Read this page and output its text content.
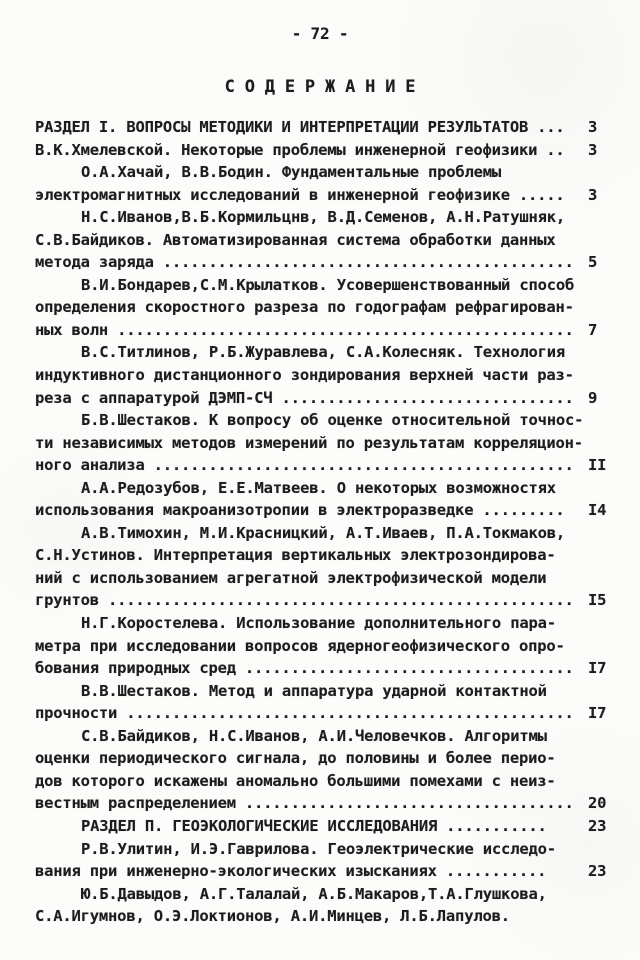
- 72 -
С О Д Е Р Ж А Н И Е
РАЗДЕЛ I. ВОПРОСЫ МЕТОДИКИ И ИНТЕРПРЕТАЦИИ РЕЗУЛЬТАТОВ ... 3
В.К.Хмелевской. Некоторые проблемы инженерной геофизики .. 3
О.А.Хачай, В.В.Бодин. Фундаментальные проблемы
электромагнитных исследований в инженерной геофизике ..... 3
Н.С.Иванов,В.Б.Кормильцнв, В.Д.Семенов, А.Н.Ратушняк,
С.В.Байдиков. Автоматизированная система обработки данных
метода заряда ............................................. 5
В.И.Бондарев,С.М.Крылатков. Усовершенствованный способ
определения скоростного разреза по годографам рефрагирован-
ных волн .................................................. 7
В.С.Титлинов, Р.Б.Журавлева, С.А.Колесняк. Технология
индуктивного дистанционного зондирования верхней части раз-
реза с аппаратурой ДЭМП-СЧ ................................ 9
Б.В.Шестаков. К вопросу об оценке относительной точнос-
ти независимых методов измерений по результатам корреляцион-
ного анализа .............................................. II
А.А.Редозубов, Е.Е.Матвеев. О некоторых возможностях
использования макроанизотропии в электроразведке ......... I4
А.В.Тимохин, М.И.Красницкий, А.Т.Иваев, П.А.Токмаков,
С.Н.Устинов. Интерпретация вертикальных электрозондирова-
ний с использованием агрегатной электрофизической модели
грунтов ................................................... I5
Н.Г.Коростелева. Использование дополнительного пара-
метра при исследовании вопросов ядерногеофизического опро-
бования природных сред .................................... I7
В.В.Шестаков. Метод и аппаратура ударной контактной
прочности ................................................. I7
С.В.Байдиков, Н.С.Иванов, А.И.Человечков. Алгоритмы
оценки периодического сигнала, до половины и более перио-
дов которого искажены аномально большими помехами с неиз-
вестным распределением .................................... 20
РАЗДЕЛ П. ГЕОЭКОЛОГИЧЕСКИЕ ИССЛЕДОВАНИЯ ...........	23
Р.В.Улитин, И.Э.Гаврилова. Геоэлектрические исследо-
вания при инженерно-экологических изысканиях ...........	23
Ю.Б.Давыдов, А.Г.Талалай, А.Б.Макаров,Т.А.Глушкова,
С.А.Игумнов, О.Э.Локтионов, А.И.Минцев, Л.Б.Лапулов.
